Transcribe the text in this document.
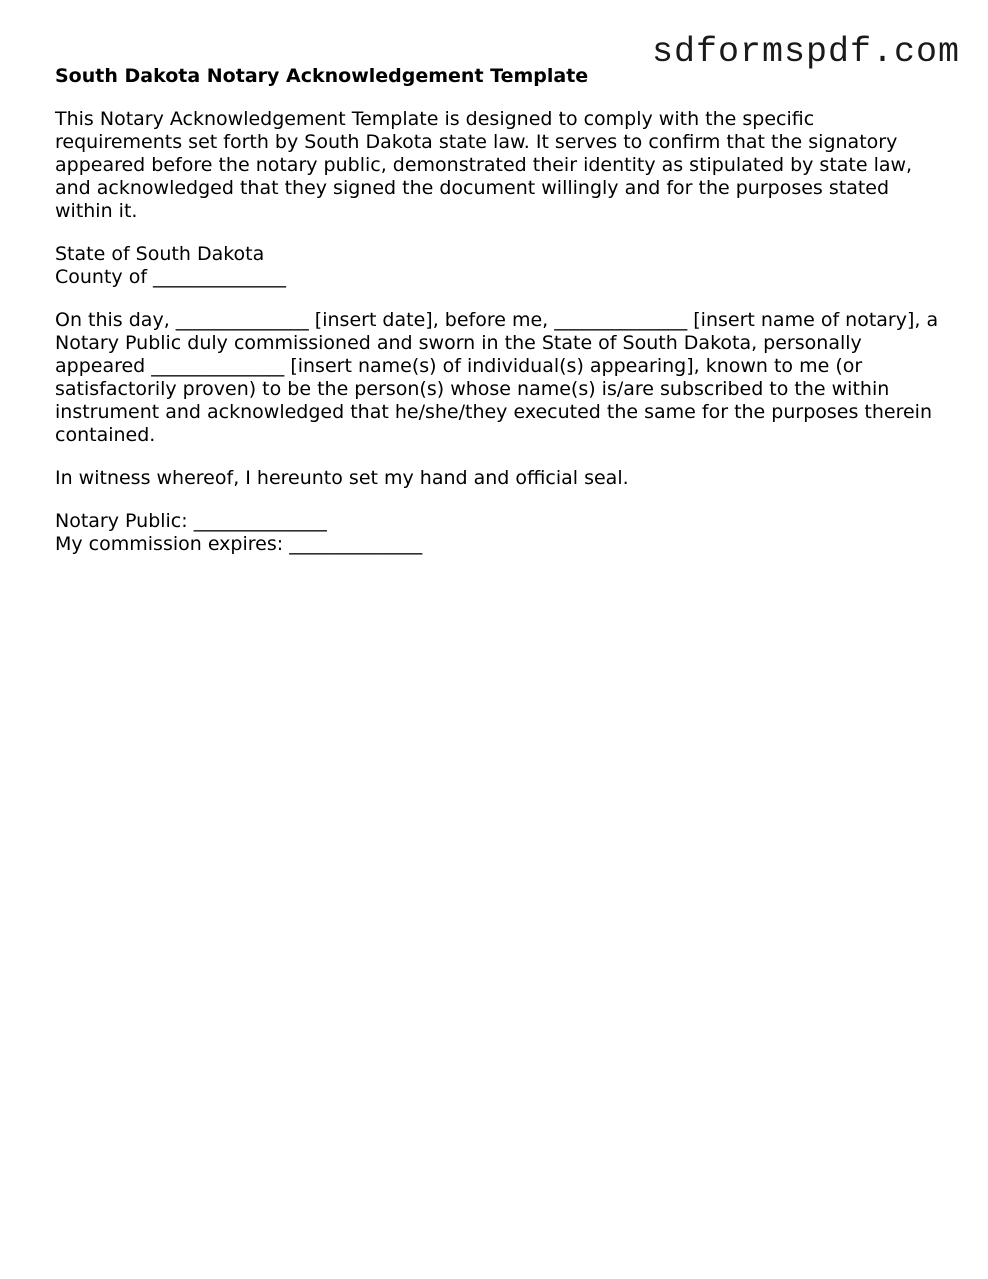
sdformspdf.com
South Dakota Notary Acknowledgement Template
This Notary Acknowledgement Template is designed to comply with the specific requirements set forth by South Dakota state law. It serves to confirm that the signatory appeared before the notary public, demonstrated their identity as stipulated by state law, and acknowledged that they signed the document willingly and for the purposes stated within it.
State of South Dakota
County of ______________
On this day, ______________ [insert date], before me, ______________ [insert name of notary], a Notary Public duly commissioned and sworn in the State of South Dakota, personally appeared ______________ [insert name(s) of individual(s) appearing], known to me (or satisfactorily proven) to be the person(s) whose name(s) is/are subscribed to the within instrument and acknowledged that he/she/they executed the same for the purposes therein contained.
In witness whereof, I hereunto set my hand and official seal.
Notary Public: ______________
My commission expires: ______________
